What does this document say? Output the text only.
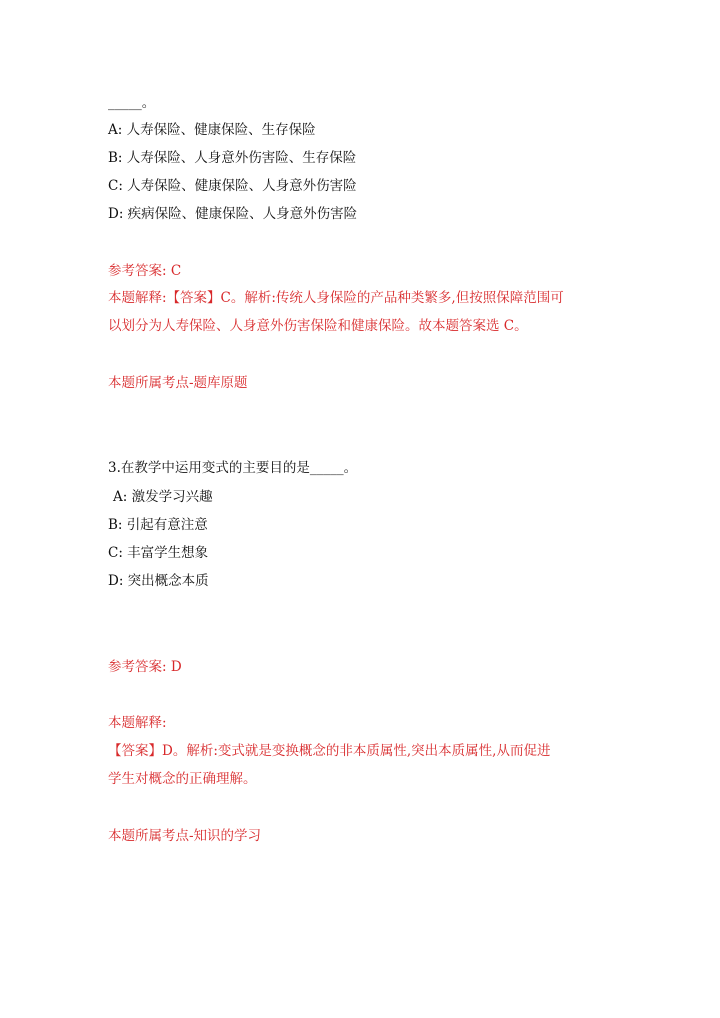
_____。
A: 人寿保险、健康保险、生存保险
B: 人寿保险、人身意外伤害险、生存保险
C: 人寿保险、健康保险、人身意外伤害险
D: 疾病保险、健康保险、人身意外伤害险
参考答案: C
本题解释:【答案】C。解析:传统人身保险的产品种类繁多,但按照保障范围可
以划分为人寿保险、人身意外伤害保险和健康保险。故本题答案选 C。
本题所属考点-题库原题
3.在教学中运用变式的主要目的是_____。
A: 激发学习兴趣
B: 引起有意注意
C: 丰富学生想象
D: 突出概念本质
参考答案: D
本题解释:
【答案】D。解析:变式就是变换概念的非本质属性,突出本质属性,从而促进
学生对概念的正确理解。
本题所属考点-知识的学习
